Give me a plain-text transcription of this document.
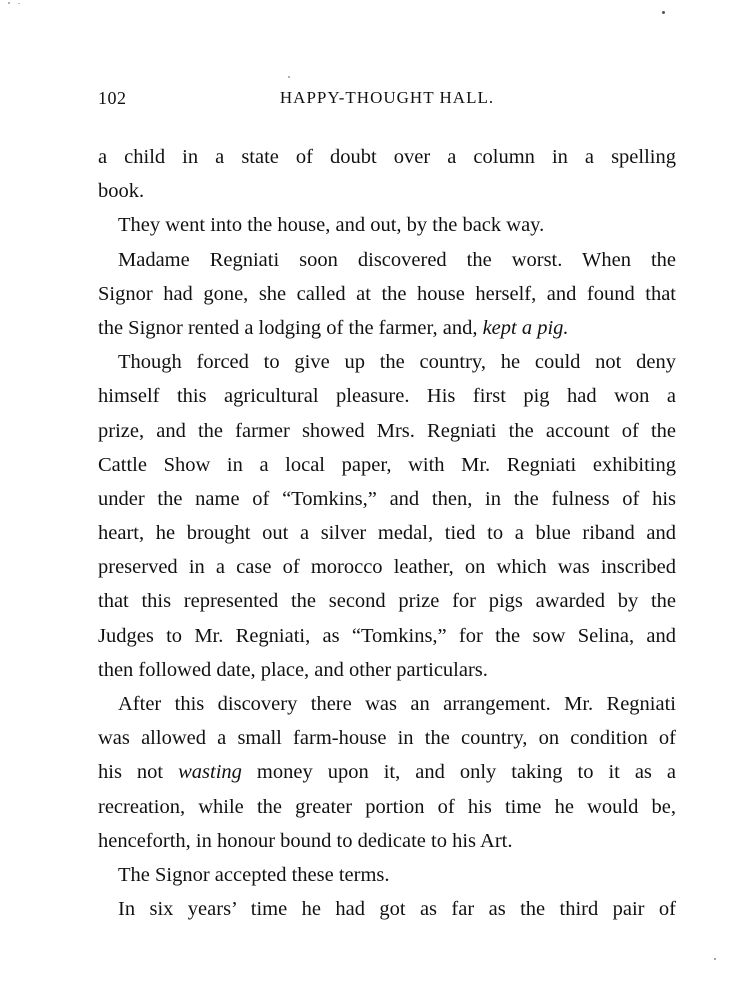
102	HAPPY-THOUGHT HALL.
a child in a state of doubt over a column in a spelling
book.
They went into the house, and out, by the back way.
Madame Regniati soon discovered the worst. When the
Signor had gone, she called at the house herself, and found that
the Signor rented a lodging of the farmer, and, kept a pig.
Though forced to give up the country, he could not deny
himself this agricultural pleasure. His first pig had won a
prize, and the farmer showed Mrs. Regniati the account of the
Cattle Show in a local paper, with Mr. Regniati exhibiting
under the name of “Tomkins,” and then, in the fulness of his
heart, he brought out a silver medal, tied to a blue riband and
preserved in a case of morocco leather, on which was inscribed
that this represented the second prize for pigs awarded by the
Judges to Mr. Regniati, as “Tomkins,” for the sow Selina, and
then followed date, place, and other particulars.
After this discovery there was an arrangement. Mr. Regniati
was allowed a small farm-house in the country, on condition of
his not wasting money upon it, and only taking to it as a
recreation, while the greater portion of his time he would be,
henceforth, in honour bound to dedicate to his Art.
The Signor accepted these terms.
In six years’ time he had got as far as the third pair of
